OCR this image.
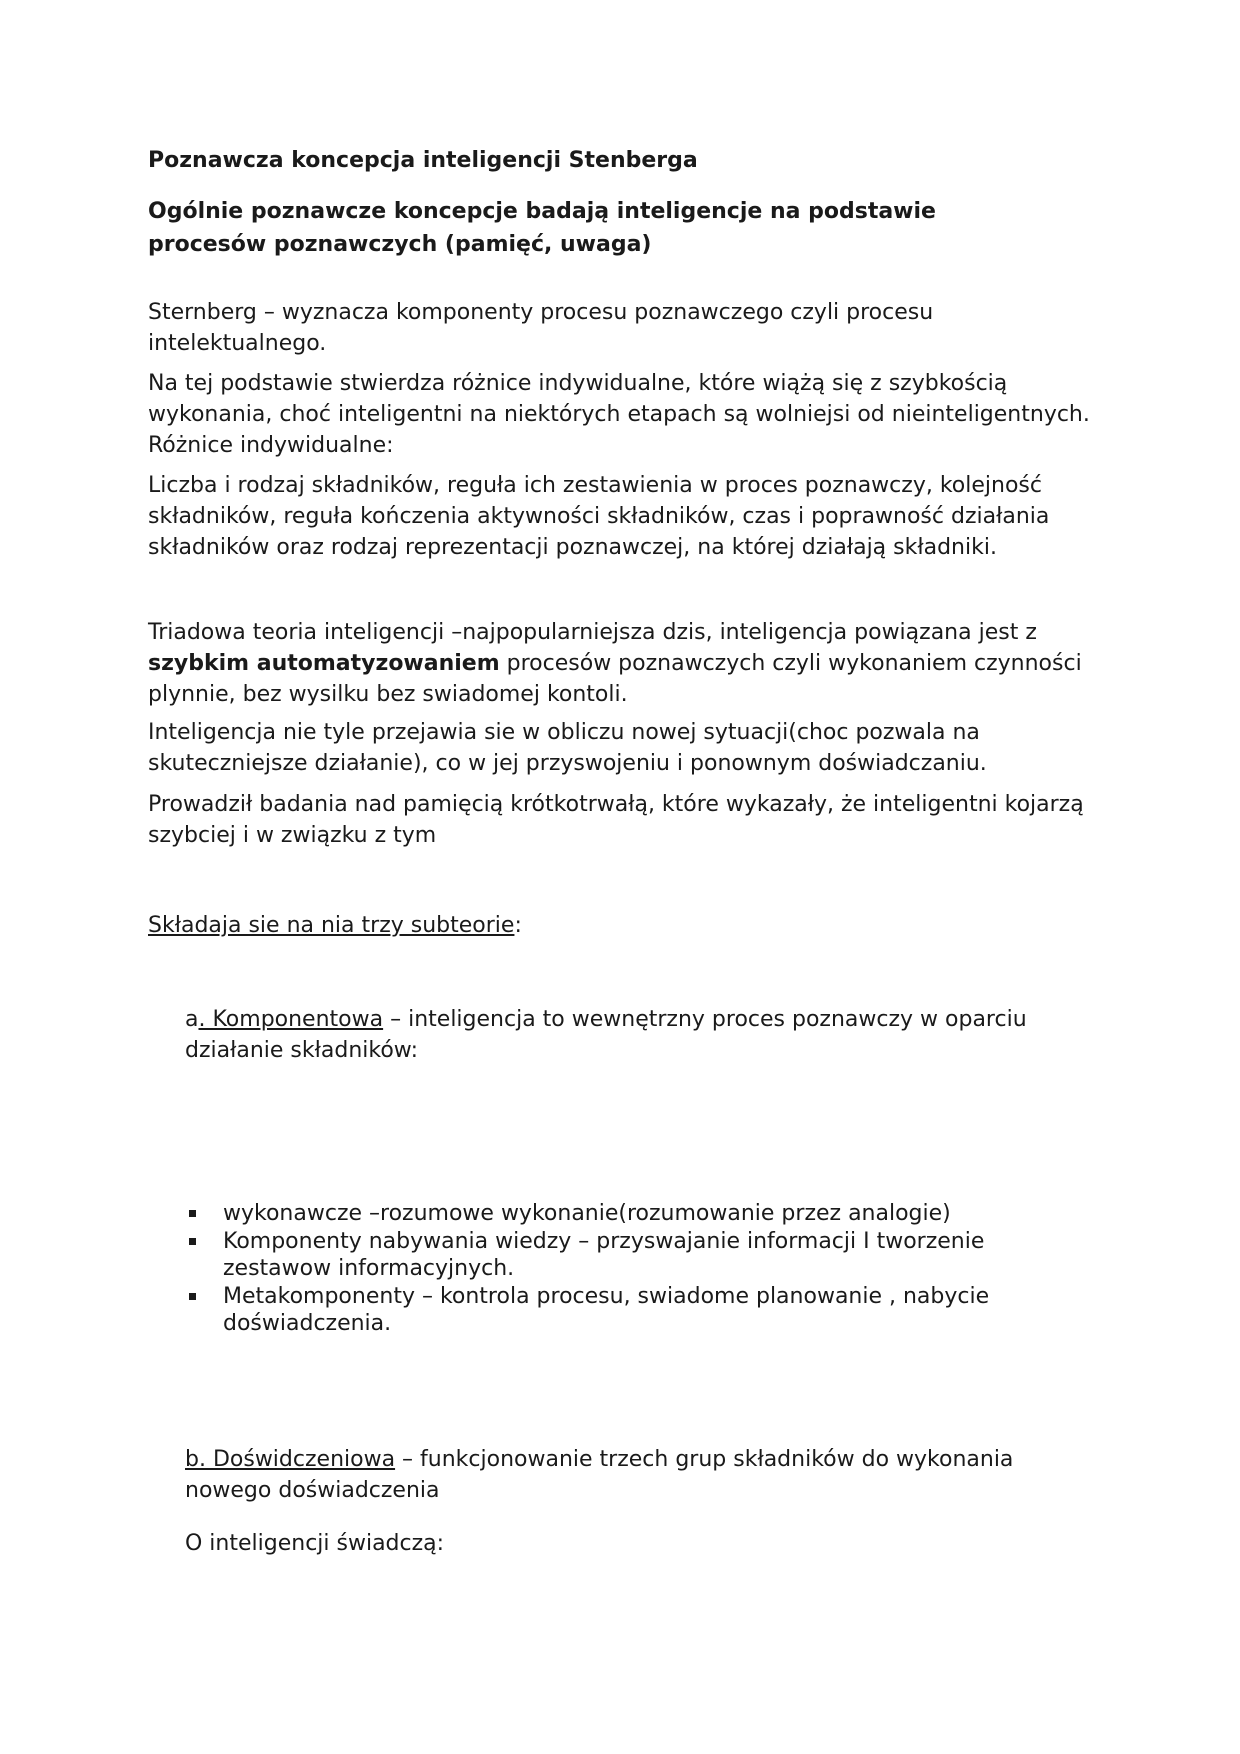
Poznawcza koncepcja inteligencji Stenberga

Ogólnie poznawcze koncepcje badają inteligencje na podstawie procesów poznawczych (pamięć, uwaga)

Sternberg – wyznacza komponenty procesu poznawczego czyli procesu intelektualnego.

Na tej podstawie stwierdza różnice indywidualne, które wiążą się z szybkością wykonania, choć inteligentni na niektórych etapach są wolniejsi od nieinteligentnych. Różnice indywidualne:

Liczba i rodzaj składników, reguła ich zestawienia w proces poznawczy, kolejność składników, reguła kończenia aktywności składników, czas i poprawność działania składników oraz rodzaj reprezentacji poznawczej, na której działają składniki.

Triadowa teoria inteligencji –najpopularniejsza dzis, inteligencja powiązana jest z szybkim automatyzowaniem procesów poznawczych czyli wykonaniem czynności plynnie, bez wysilku bez swiadomej kontoli.

Inteligencja nie tyle przejawia sie w obliczu nowej sytuacji(choc pozwala na skuteczniejsze działanie), co w jej przyswojeniu i ponownym doświadczaniu.

Prowadził badania nad pamięcią krótkotrwałą, które wykazały, że inteligentni kojarzą szybciej i w związku z tym

Składaja sie na nia trzy subteorie:

a. Komponentowa – inteligencja to wewnętrzny proces poznawczy w oparciu działanie składników:

wykonawcze –rozumowe wykonanie(rozumowanie przez analogie)
Komponenty nabywania wiedzy – przyswajanie informacji I tworzenie zestawow informacyjnych.
Metakomponenty – kontrola procesu, swiadome planowanie , nabycie doświadczenia.

b. Doświdczeniowa – funkcjonowanie trzech grup składników do wykonania nowego doświadczenia

O inteligencji świadczą:
